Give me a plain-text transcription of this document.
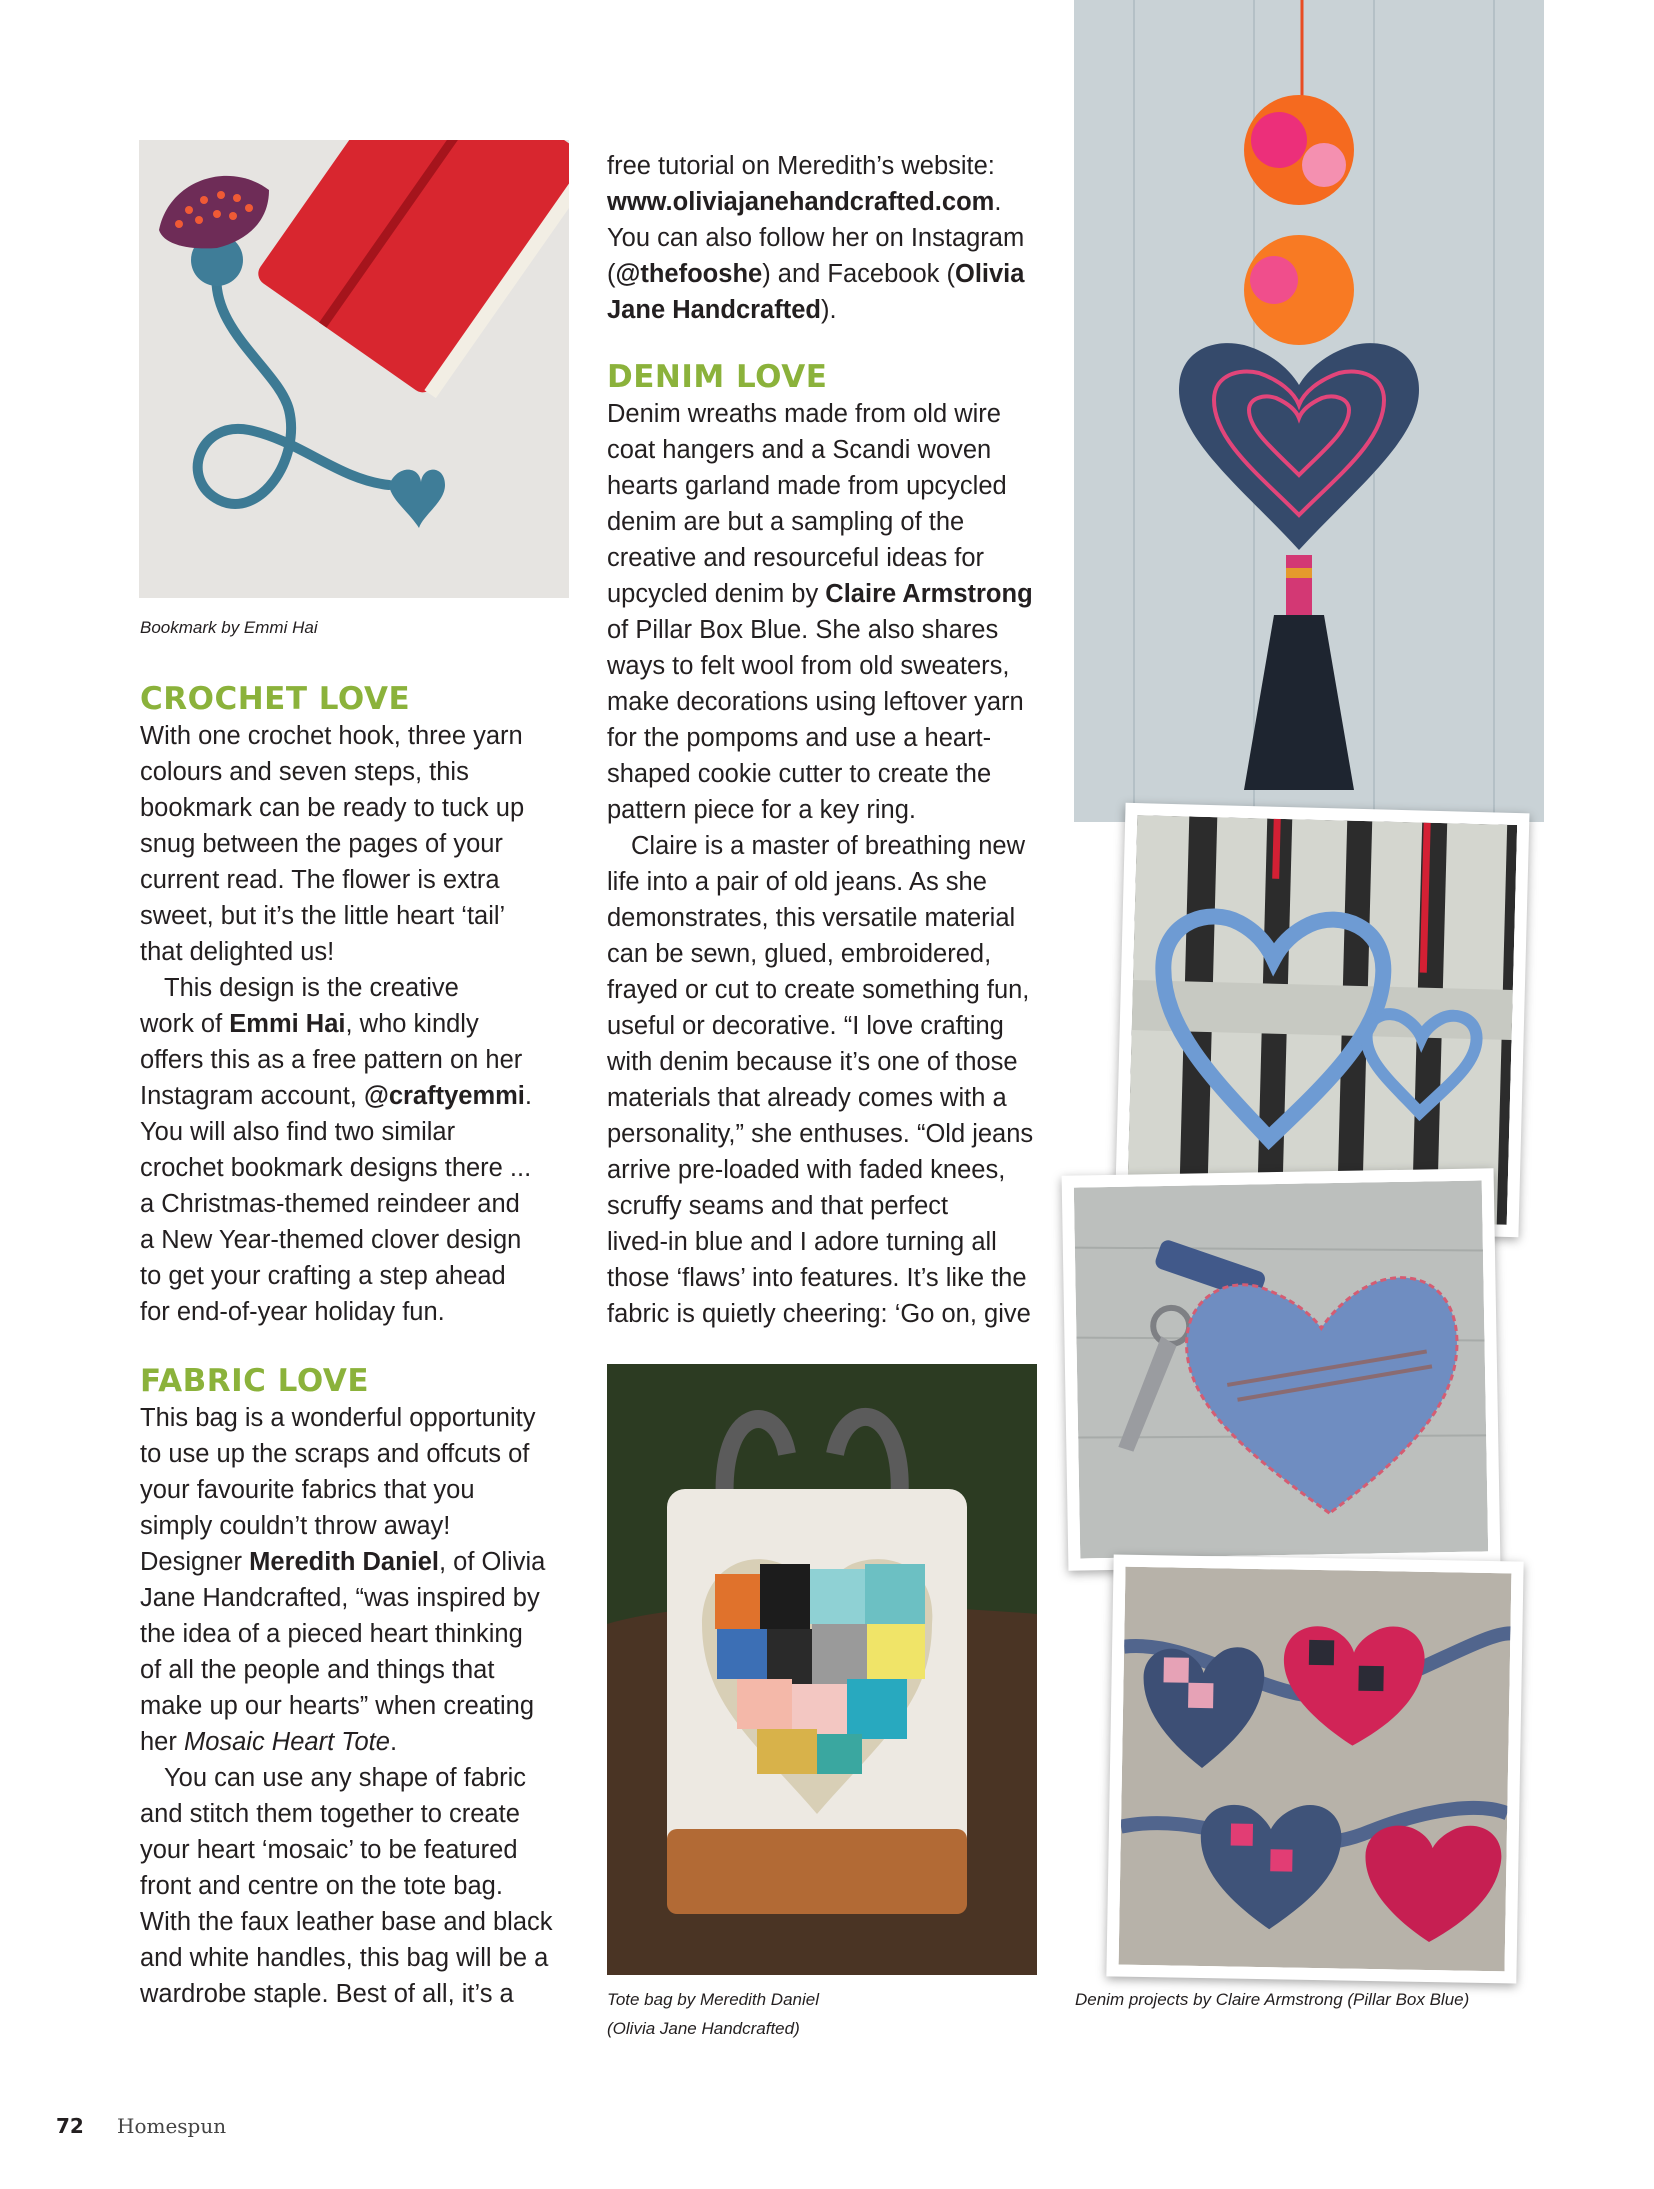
Bookmark by Emmi Hai
CROCHET LOVE

With one crochet hook, three yarn

colours and seven steps, this

bookmark can be ready to tuck up

snug between the pages of your

current read. The flower is extra

sweet, but it’s the little heart ‘tail’

that delighted us!

This design is the creative

work of Emmi Hai, who kindly

offers this as a free pattern on her

Instagram account, @craftyemmi.

You will also find two similar

crochet bookmark designs there ...

a Christmas-themed reindeer and

a New Year-themed clover design

to get your crafting a step ahead

for end-of-year holiday fun.

FABRIC LOVE

This bag is a wonderful opportunity

to use up the scraps and offcuts of

your favourite fabrics that you

simply couldn’t throw away!

Designer Meredith Daniel, of Olivia

Jane Handcrafted, “was inspired by

the idea of a pieced heart thinking

of all the people and things that

make up our hearts” when creating

her Mosaic Heart Tote.

You can use any shape of fabric

and stitch them together to create

your heart ‘mosaic’ to be featured

front and centre on the tote bag.

With the faux leather base and black

and white handles, this bag will be a

wardrobe staple. Best of all, it’s a

free tutorial on Meredith’s website:

www.oliviajanehandcrafted.com.

You can also follow her on Instagram

(@thefooshe) and Facebook (Olivia

Jane Handcrafted).

DENIM LOVE

Denim wreaths made from old wire

coat hangers and a Scandi woven

hearts garland made from upcycled

denim are but a sampling of the

creative and resourceful ideas for

upcycled denim by Claire Armstrong

of Pillar Box Blue. She also shares

ways to felt wool from old sweaters,

make decorations using leftover yarn

for the pompoms and use a heart-

shaped cookie cutter to create the

pattern piece for a key ring.

Claire is a master of breathing new

life into a pair of old jeans. As she

demonstrates, this versatile material

can be sewn, glued, embroidered,

frayed or cut to create something fun,

useful or decorative. “I love crafting

with denim because it’s one of those

materials that already comes with a

personality,” she enthuses. “Old jeans

arrive pre-loaded with faded knees,

scruffy seams and that perfect

lived-in blue and I adore turning all

those ‘flaws’ into features. It’s like the

fabric is quietly cheering: ‘Go on, give

Tote bag by Meredith Daniel
(Olivia Jane Handcrafted)
Denim projects by Claire Armstrong (Pillar Box Blue)
72 Homespun
